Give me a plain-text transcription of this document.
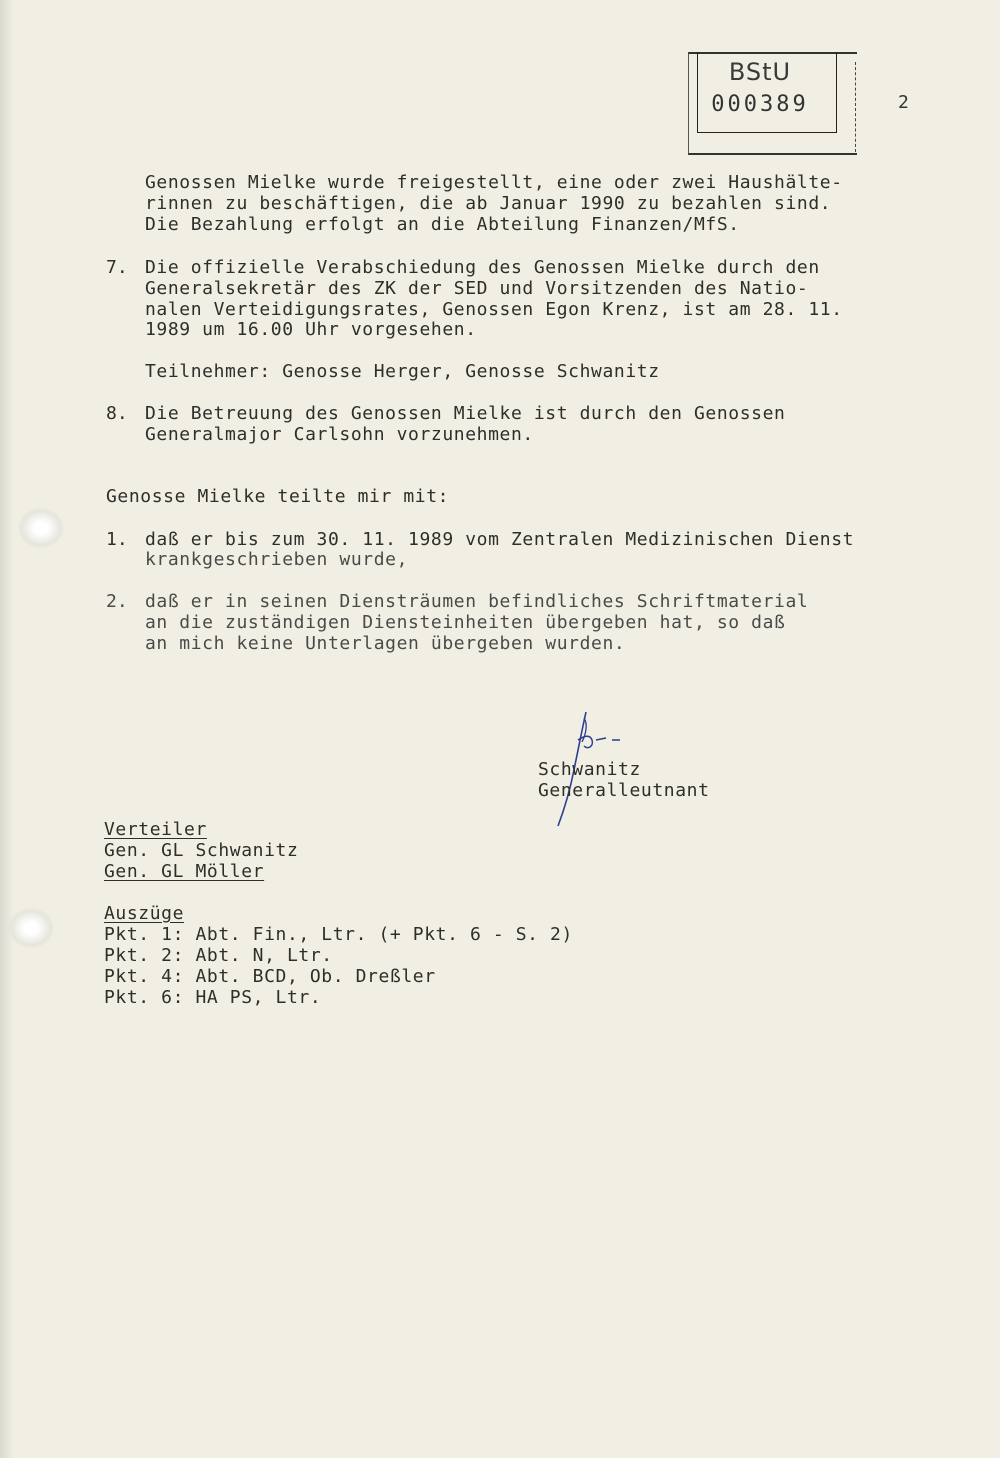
BStU
000389	2
Genossen Mielke wurde freigestellt, eine oder zwei Haushälte-
rinnen zu beschäftigen, die ab Januar 1990 zu bezahlen sind.
Die Bezahlung erfolgt an die Abteilung Finanzen/MfS.
7. Die offizielle Verabschiedung des Genossen Mielke durch den
Generalsekretär des ZK der SED und Vorsitzenden des Natio-
nalen Verteidigungsrates, Genossen Egon Krenz, ist am 28. 11.
1989 um 16.00 Uhr vorgesehen.
Teilnehmer: Genosse Herger, Genosse Schwanitz
8. Die Betreuung des Genossen Mielke ist durch den Genossen
Generalmajor Carlsohn vorzunehmen.
Genosse Mielke teilte mir mit:
1. daß er bis zum 30. 11. 1989 vom Zentralen Medizinischen Dienst
krankgeschrieben wurde,
2. daß er in seinen Diensträumen befindliches Schriftmaterial
an die zuständigen Diensteinheiten übergeben hat, so daß
an mich keine Unterlagen übergeben wurden.
Schwanitz
Generalleutnant
Verteiler
Gen. GL Schwanitz
Gen. GL Möller
Auszüge
Pkt. 1: Abt. Fin., Ltr. (+ Pkt. 6 - S. 2)
Pkt. 2: Abt. N, Ltr.
Pkt. 4: Abt. BCD, Ob. Dreßler
Pkt. 6: HA PS, Ltr.
